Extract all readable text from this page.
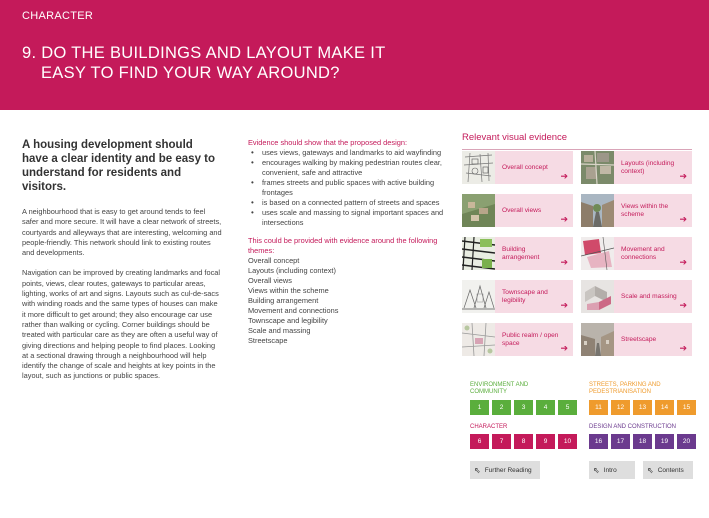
CHARACTER
9. DO THE BUILDINGS AND LAYOUT MAKE IT
EASY TO FIND YOUR WAY AROUND?
A housing development should have a clear identity and be easy to understand for residents and visitors.
A neighbourhood that is easy to get around tends to feel safer and more secure. It will have a clear network of streets, courtyards and alleyways that are interesting, welcoming and people-friendly. This network should link to existing routes and developments.
Navigation can be improved by creating landmarks and focal points, views, clear routes, gateways to particular areas, lighting, works of art and signs. Layouts such as cul-de-sacs with winding roads and the same types of houses can make it more difficult to get around; they also encourage car use rather than walking or cycling. Corner buildings should be treated with particular care as they are often a useful way of giving directions and helping people to find places. Looking at a sectional drawing through a neighbourhood will help identify the change of scale and heights at key points in the layout, such as junctions or public spaces.
Evidence should show that the proposed design:
• uses views, gateways and landmarks to aid wayfinding
• encourages walking by making pedestrian routes clear, convenient, safe and attractive
• frames streets and public spaces with active building frontages
• is based on a connected pattern of streets and spaces
• uses scale and massing to signal important spaces and intersections
This could be provided with evidence around the following themes:
Overall concept
Layouts (including context)
Overall views
Views within the scheme
Building arrangement
Movement and connections
Townscape and legibility
Scale and massing
Streetscape
Relevant visual evidence
Overall concept
➔
Layouts (including context)	➔
Overall views
➔
Views within the scheme	➔
Building arrangement	➔
Movement and connections	➔
Townscape and legibility	➔
Scale and massing
➔
Public realm / open space	➔
Streetscape
➔
ENVIRONMENT AND
COMMUNITY
1	2	3	4	5
STREETS, PARKING AND
PEDESTRIANISATION
11	12	13	14	15
CHARACTER
6	7	8	9	10
DESIGN AND CONSTRUCTION
16	17	18	19	20
⇖ Further Reading	⇖ Intro	⇖ Contents
